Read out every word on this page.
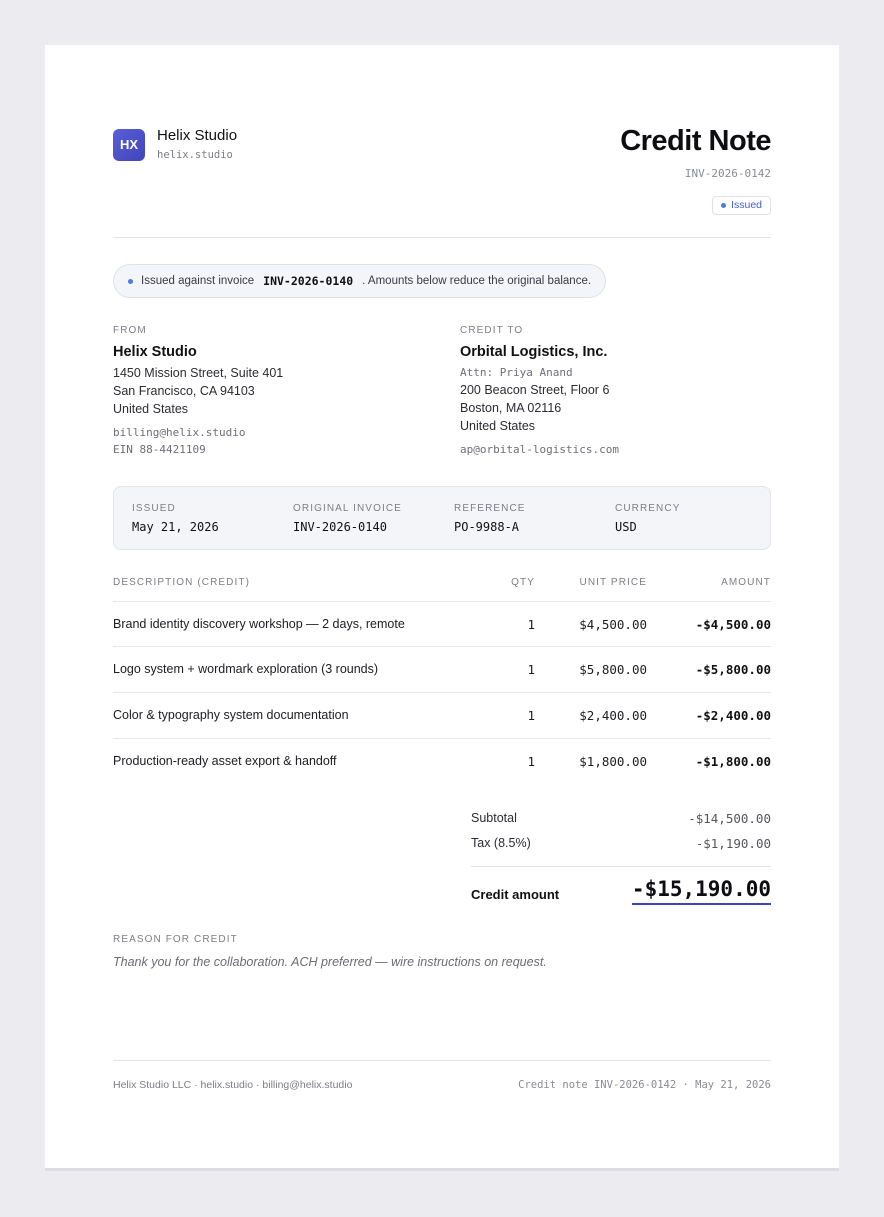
HX
Helix Studio
helix.studio	Credit Note
INV-2026-0142
Issued
Issued against invoice INV-2026-0140 . Amounts below reduce the original balance.
FROM
Helix Studio
1450 Mission Street, Suite 401
San Francisco, CA 94103
United States
billing@helix.studio
EIN 88-4421109
CREDIT TO
Orbital Logistics, Inc.
Attn: Priya Anand
200 Beacon Street, Floor 6
Boston, MA 02116
United States
ap@orbital-logistics.com
ISSUED
May 21, 2026
ORIGINAL INVOICE
INV-2026-0140
REFERENCE
PO-9988-A
CURRENCY
USD
DESCRIPTION (CREDIT)	QTY	UNIT PRICE	AMOUNT
Brand identity discovery workshop — 2 days, remote	1	$4,500.00	-$4,500.00
Logo system + wordmark exploration (3 rounds)	1	$5,800.00	-$5,800.00
Color & typography system documentation	1	$2,400.00	-$2,400.00
Production-ready asset export & handoff	1	$1,800.00	-$1,800.00
Subtotal	-$14,500.00
Tax (8.5%)	-$1,190.00
Credit amount	-$15,190.00
REASON FOR CREDIT
Thank you for the collaboration. ACH preferred — wire instructions on request.
Helix Studio LLC · helix.studio · billing@helix.studio	Credit note INV-2026-0142 · May 21, 2026
